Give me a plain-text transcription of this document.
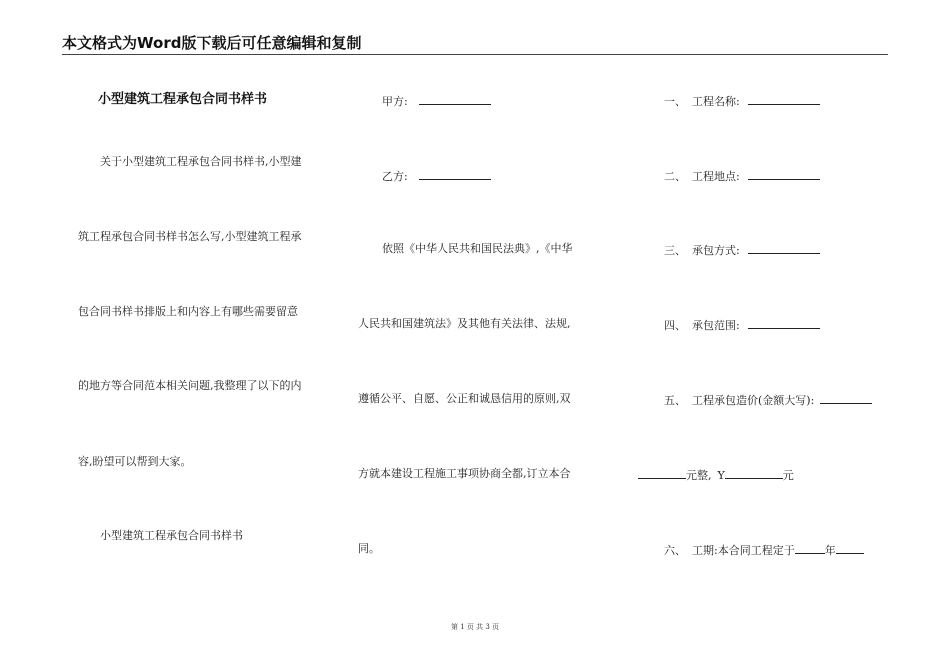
本文格式为Word版下载后可任意编辑和复制
小型建筑工程承包合同书样书
关于小型建筑工程承包合同书样书,小型建
筑工程承包合同书样书怎么写,小型建筑工程承
包合同书样书排版上和内容上有哪些需要留意
的地方等合同范本相关问题,我整理了以下的内
容,盼望可以帮到大家。
小型建筑工程承包合同书样书
甲方:
乙方:
依照《中华人民共和国民法典》,《中华
人民共和国建筑法》及其他有关法律、法规,
遵循公平、自愿、公正和诚恳信用的原则,双
方就本建设工程施工事项协商全都,订立本合
同。
一、 工程名称:
二、 工程地点:
三、 承包方式:
四、 承包范围:
五、 工程承包造价(金额大写):
元整, Y	元
六、 工期:本合同工程定于	年
第 1 页 共 3 页
